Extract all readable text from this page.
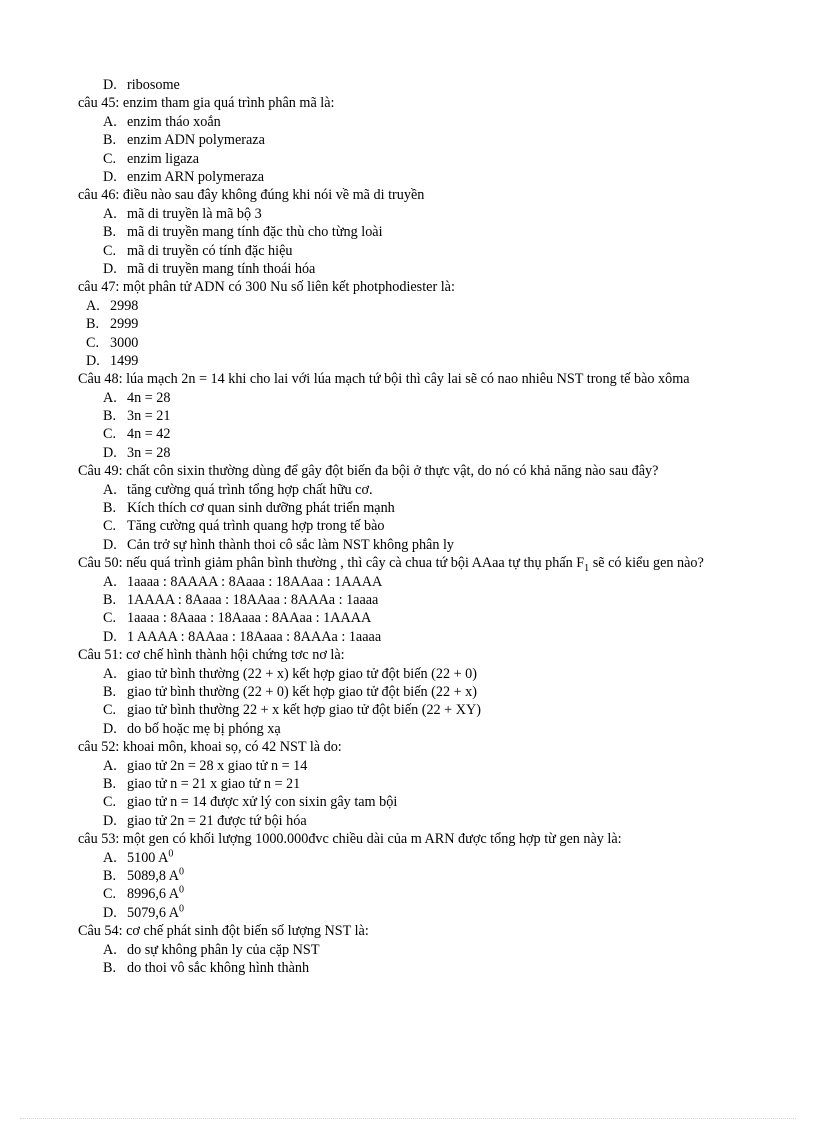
D. ribosome
câu 45: enzim tham gia quá trình phân mã là:
A. enzim tháo xoắn
B. enzim ADN polymeraza
C. enzim ligaza
D. enzim ARN polymeraza
câu 46: điều nào sau đây không đúng khi nói về mã di truyền
A. mã di truyền là mã bộ 3
B. mã di truyền mang tính đặc thù cho từng loài
C. mã di truyền có tính đặc hiệu
D. mã di truyền mang tính thoái hóa
câu 47: một phân tử ADN có 300 Nu số liên kết photphodiester là:
A. 2998
B. 2999
C. 3000
D. 1499
Câu 48: lúa mạch 2n = 14 khi cho lai với lúa mạch tứ bội thì cây lai sẽ có nao nhiêu NST trong tế bào xôma
A. 4n = 28
B. 3n = 21
C. 4n = 42
D. 3n = 28
Câu 49: chất côn sixin thường dùng để gây đột biến đa bội ở thực vật, do nó có khả năng nào sau đây?
A. tăng cường quá trình tổng hợp chất hữu cơ.
B. Kích thích cơ quan sinh dưỡng phát triển mạnh
C. Tăng cường quá trình quang hợp trong tế bào
D. Cản trở sự hình thành thoi cô sắc làm NST không phân ly
Câu 50: nếu quá trình giảm phân bình thường , thì cây cà chua tứ bội AAaa tự thụ phấn $F_1$ sẽ có kiểu gen nào?
A. 1aaaa : 8AAAA : 8Aaaa : 18AAaa : 1AAAA
B. 1AAAA : 8Aaaa : 18AAaa : 8AAAa : 1aaaa
C. 1aaaa : 8Aaaa : 18Aaaa : 8AAaa : 1AAAA
D. 1 AAAA : 8AAaa : 18Aaaa : 8AAAa : 1aaaa
Câu 51: cơ chế hình thành hội chứng tơc nơ là:
A. giao tử bình thường (22 + x) kết hợp giao tử đột biến (22 + 0)
B. giao tử bình thường (22 + 0) kết hợp giao tử đột biến (22 + x)
C. giao tử bình thường 22 + x kết hợp giao tử đột biến (22 + XY)
D. do bố hoặc mẹ bị phóng xạ
câu 52: khoai môn, khoai sọ, có 42 NST là do:
A. giao tử 2n = 28 x giao tử n = 14
B. giao tử n = 21 x giao tử n = 21
C. giao tử n = 14 được xử lý con sixin gây tam bội
D. giao tử 2n = 21 được tứ bội hóa
câu 53: một gen có khối lượng 1000.000đvc chiều dài của m ARN được tổng hợp từ gen này là:
A. 5100 $A^0$
B. 5089,8 $A^0$
C. 8996,6 $A^0$
D. 5079,6 $A^0$
Câu 54: cơ chế phát sinh đột biến số lượng NST là:
A. do sự không phân ly của cặp NST
B. do thoi vô sắc không hình thành
